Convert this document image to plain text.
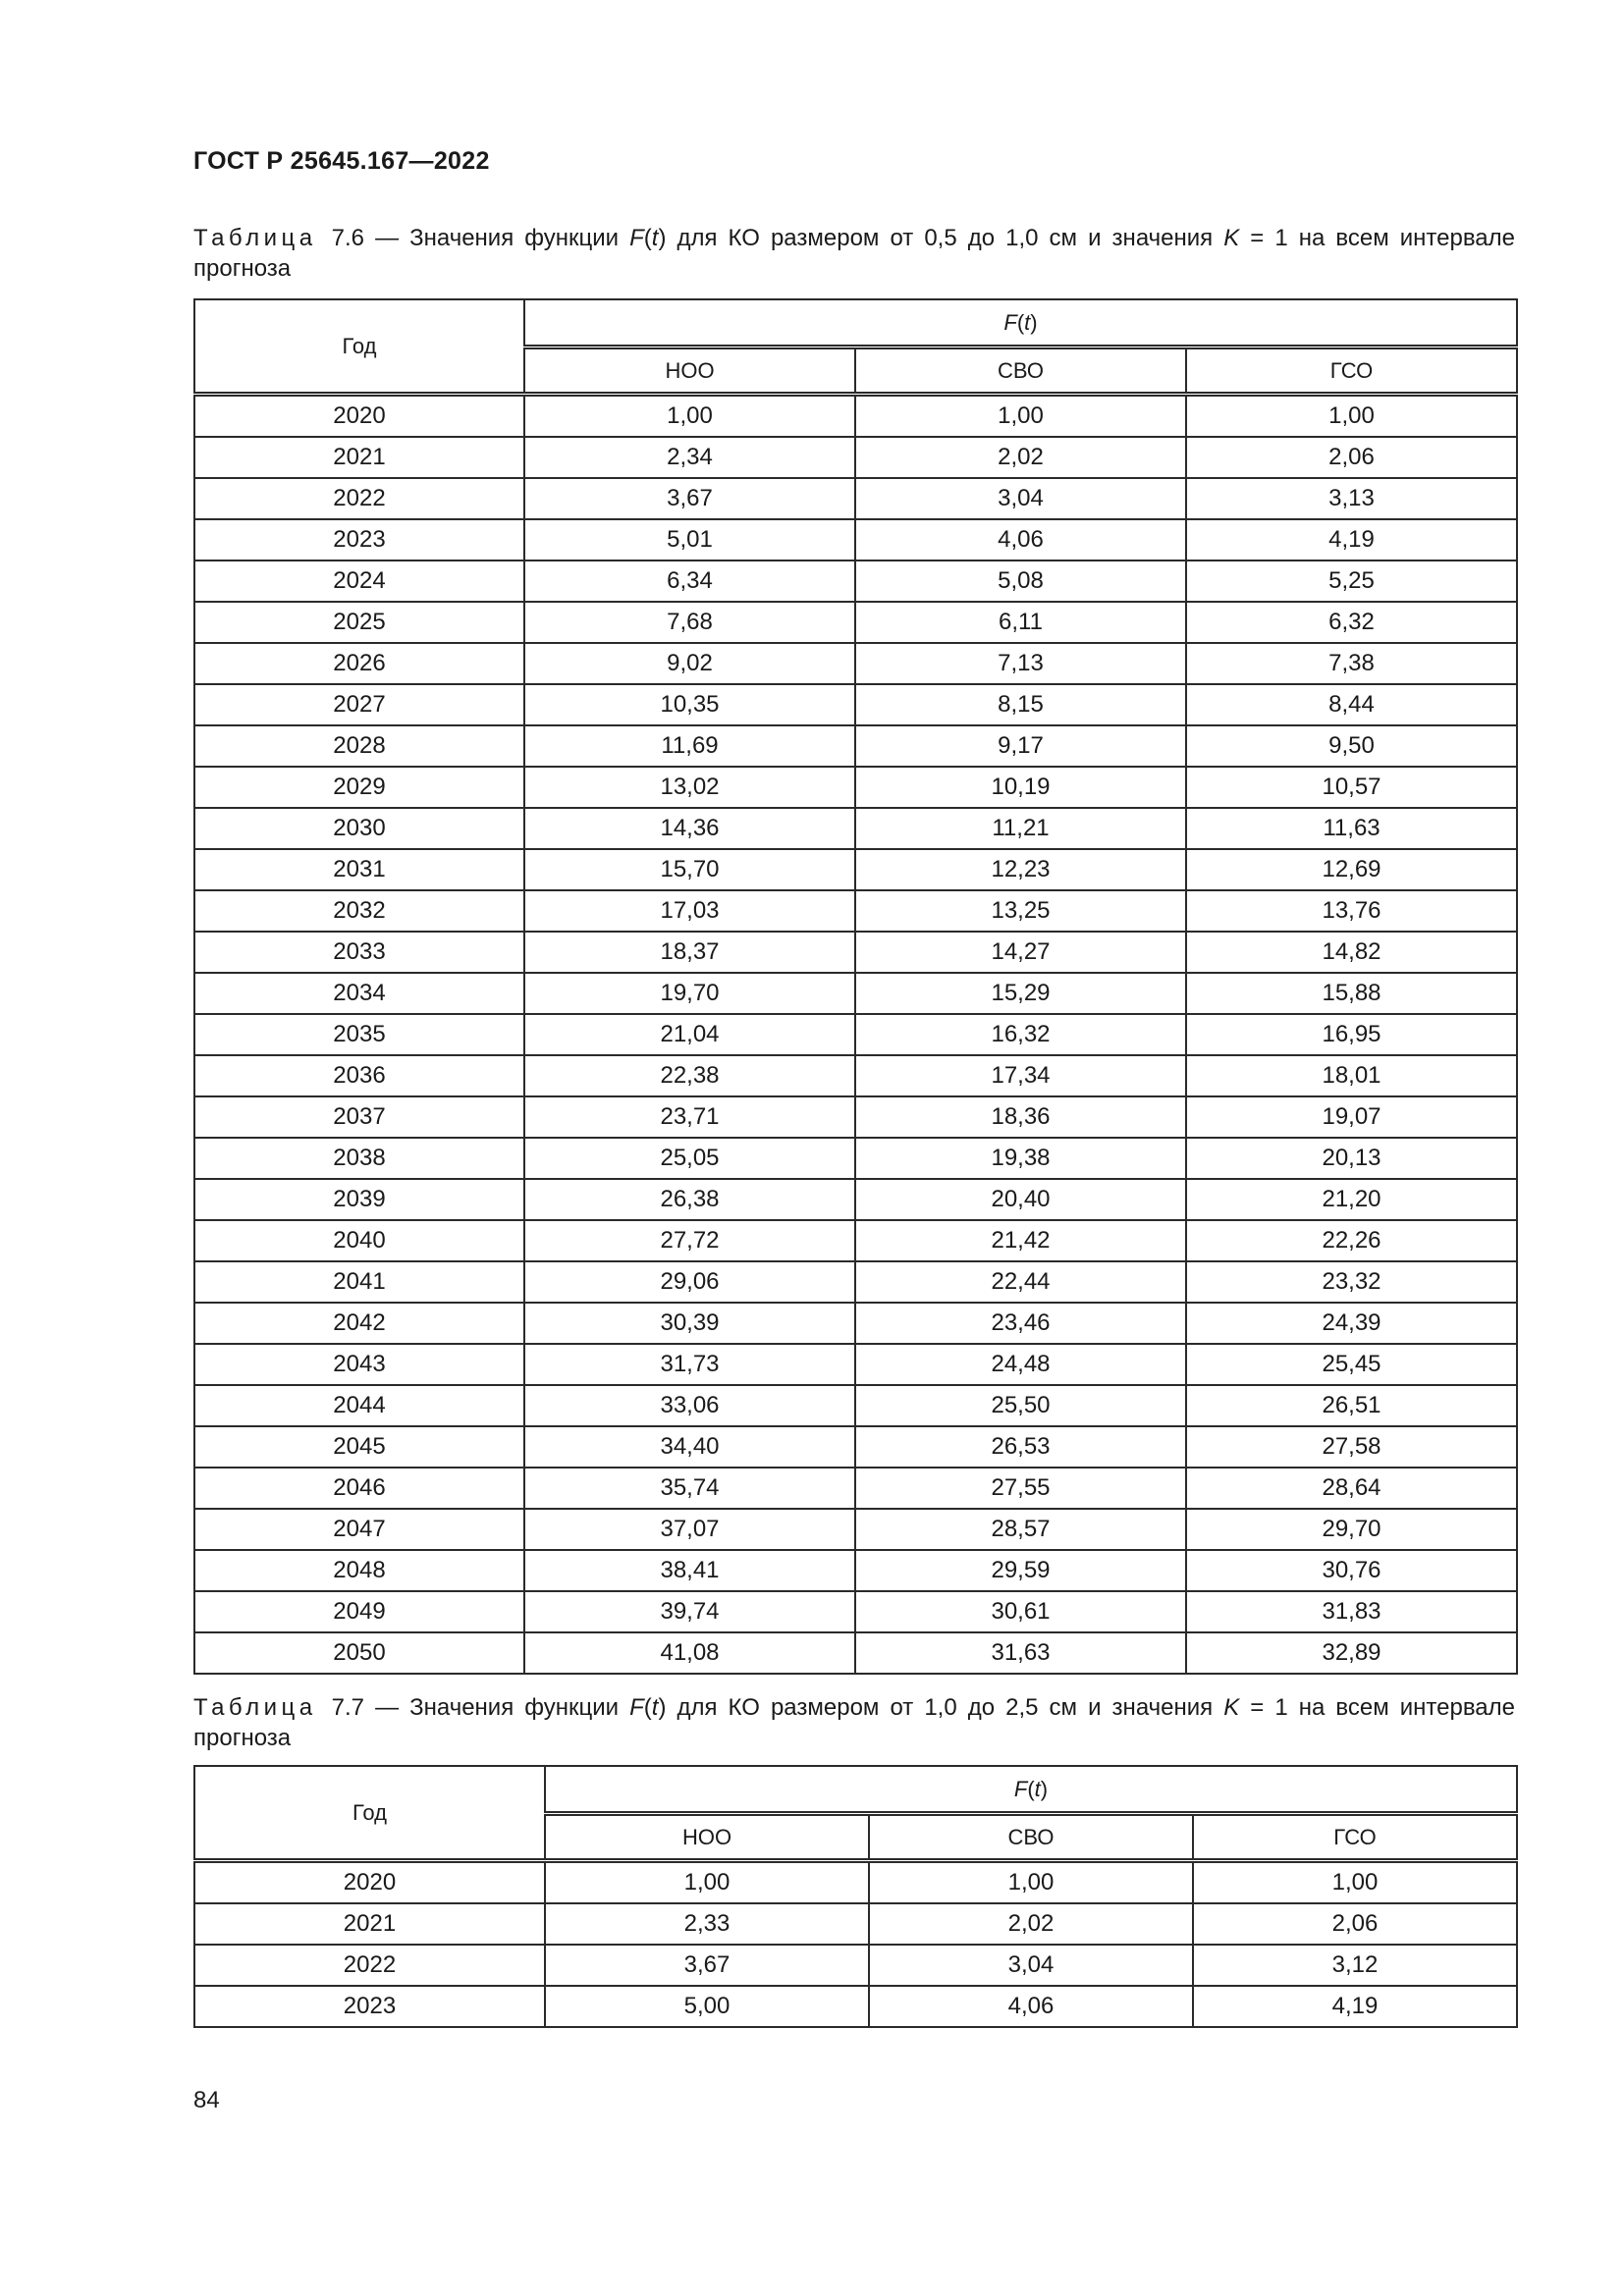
ГОСТ Р 25645.167—2022
Таблица 7.6 — Значения функции F(t) для КО размером от 0,5 до 1,0 см и значения K = 1 на всем интервале прогноза
Год	F(t)		
	НОО	СВО	ГСО
2020	1,00	1,00	1,00
2021	2,34	2,02	2,06
2022	3,67	3,04	3,13
2023	5,01	4,06	4,19
2024	6,34	5,08	5,25
2025	7,68	6,11	6,32
2026	9,02	7,13	7,38
2027	10,35	8,15	8,44
2028	11,69	9,17	9,50
2029	13,02	10,19	10,57
2030	14,36	11,21	11,63
2031	15,70	12,23	12,69
2032	17,03	13,25	13,76
2033	18,37	14,27	14,82
2034	19,70	15,29	15,88
2035	21,04	16,32	16,95
2036	22,38	17,34	18,01
2037	23,71	18,36	19,07
2038	25,05	19,38	20,13
2039	26,38	20,40	21,20
2040	27,72	21,42	22,26
2041	29,06	22,44	23,32
2042	30,39	23,46	24,39
2043	31,73	24,48	25,45
2044	33,06	25,50	26,51
2045	34,40	26,53	27,58
2046	35,74	27,55	28,64
2047	37,07	28,57	29,70
2048	38,41	29,59	30,76
2049	39,74	30,61	31,83
2050	41,08	31,63	32,89
Таблица 7.7 — Значения функции F(t) для КО размером от 1,0 до 2,5 см и значения K = 1 на всем интервале прогноза
Год	F(t)		
	НОО	СВО	ГСО
2020	1,00	1,00	1,00
2021	2,33	2,02	2,06
2022	3,67	3,04	3,12
2023	5,00	4,06	4,19
84
